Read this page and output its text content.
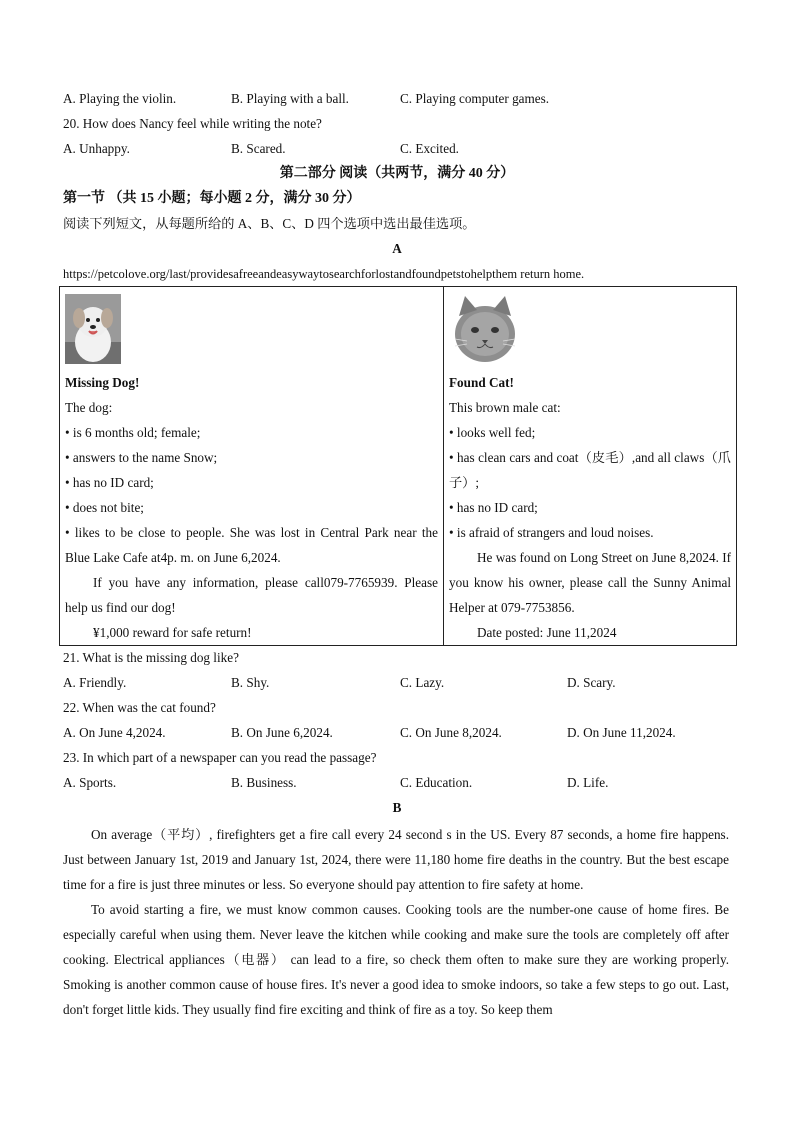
A. Playing the violin.	B. Playing with a ball.	C. Playing computer games.
20. How does Nancy feel while writing the note?
A. Unhappy.	B. Scared.	C. Excited.
第二部分 阅读（共两节，满分 40 分）
第一节 （共 15 小题；每小题 2 分，满分 30 分）
阅读下列短文，从每题所给的 A、B、C、D 四个选项中选出最佳选项。
A
https://petcolove.org/last/providesafreeandeasywaytosearchforlostandfoundpetstohelpthem return home.
Missing Dog!
The dog:
• is 6 months old; female;
• answers to the name Snow;
• has no ID card;
• does not bite;
• likes to be close to people. She was lost in Central Park near the Blue Lake Cafe at4p. m. on June 6,2024.
If you have any information, please call079-7765939. Please help us find our dog!
¥1,000 reward for safe return!

Found Cat!
This brown male cat:
• looks well fed;
• has clean cars and coat（皮毛）,and all claws（爪子）;
• has no ID card;
• is afraid of strangers and loud noises.
He was found on Long Street on June 8,2024. If you know his owner, please call the Sunny Animal Helper at 079-7753856.
Date posted: June 11,2024
21. What is the missing dog like?
A. Friendly.	B. Shy.	C. Lazy.	D. Scary.
22. When was the cat found?
A. On June 4,2024.	B. On June 6,2024.	C. On June 8,2024.	D. On June 11,2024.
23. In which part of a newspaper can you read the passage?
A. Sports.	B. Business.	C. Education.	D. Life.
B

On average（平均）, firefighters get a fire call every 24 second s in the US. Every 87 seconds, a home fire happens. Just between January 1st, 2019 and January 1st, 2024, there were 11,180 home fire deaths in the country. But the best escape time for a fire is just three minutes or less. So everyone should pay attention to fire safety at home.

To avoid starting a fire, we must know common causes. Cooking tools are the number-one cause of home fires. Be especially careful when using them. Never leave the kitchen while cooking and make sure the tools are completely off after cooking. Electrical appliances（电器） can lead to a fire, so check them often to make sure they are working properly. Smoking is another common cause of house fires. It's never a good idea to smoke indoors, so take a few steps to go out. Last, don't forget little kids. They usually find fire exciting and think of fire as a toy. So keep them
